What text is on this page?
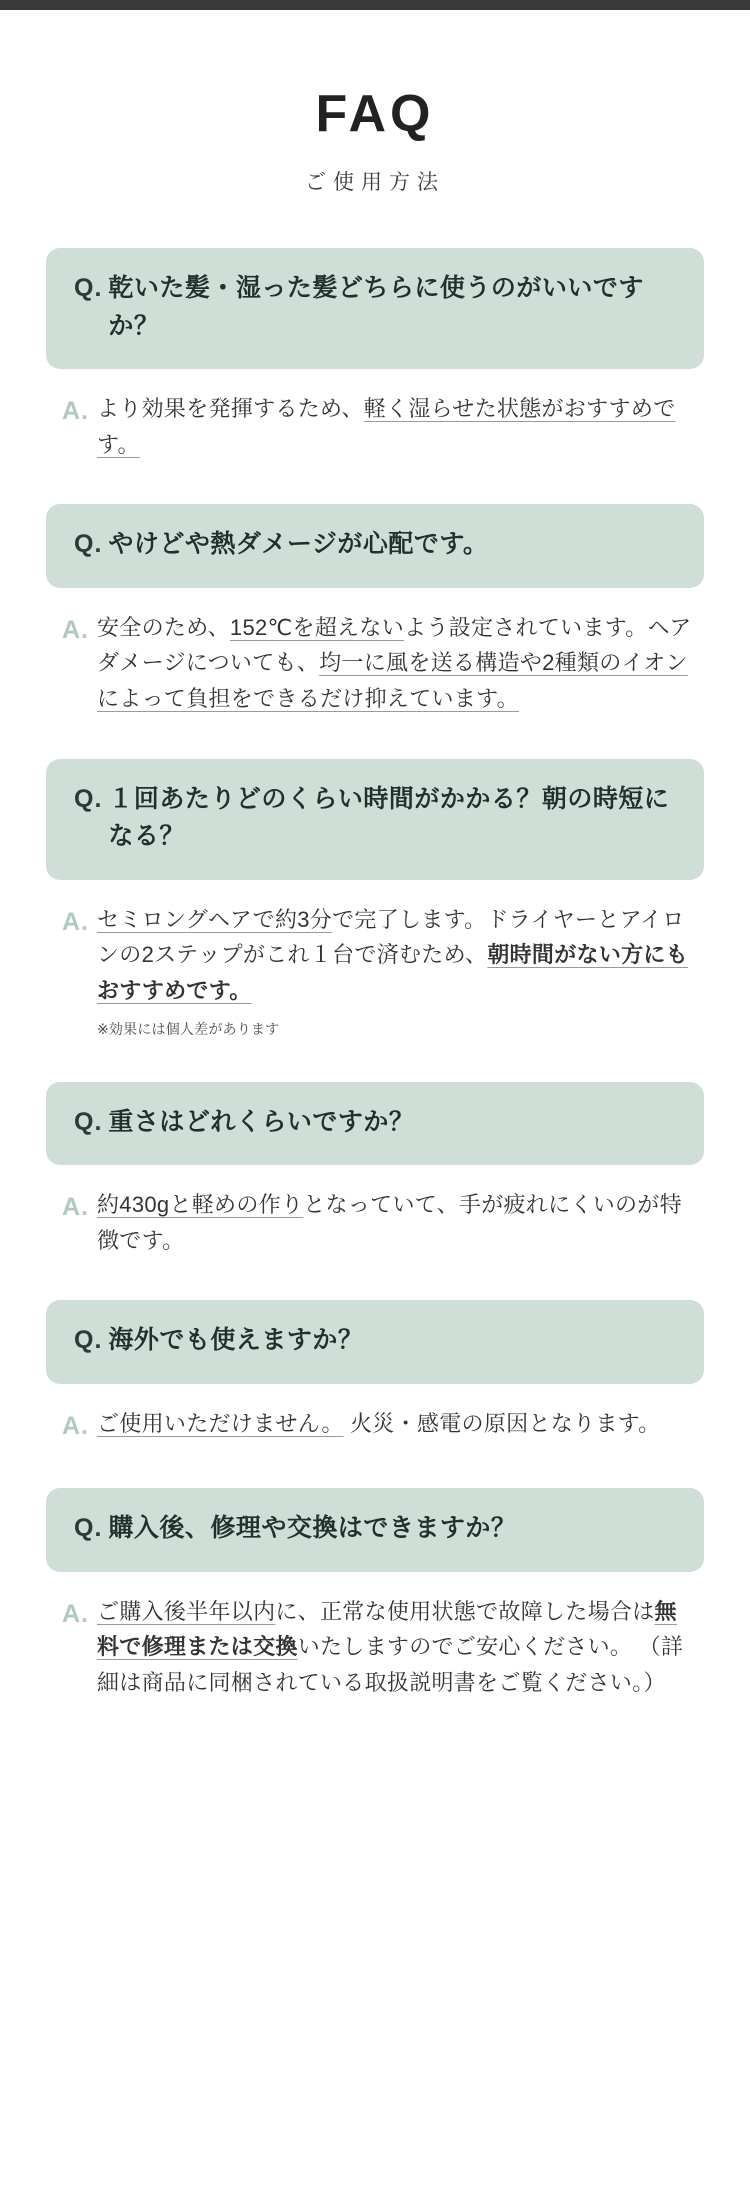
FAQ
ご使用方法
Q. 乾いた髪・湿った髪どちらに使うのがいいですか？
A. より効果を発揮するため、軽く湿らせた状態がおすすめです。
Q. やけどや熱ダメージが心配です。
A. 安全のため、152℃を超えないよう設定されています。ヘアダメージについても、均一に風を送る構造や2種類のイオンによって負担をできるだけ抑えています。
Q. １回あたりどのくらい時間がかかる？朝の時短になる？
A. セミロングヘアで約3分で完了します。ドライヤーとアイロンの2ステップがこれ１台で済むため、朝時間がない方にもおすすめです。
※効果には個人差があります
Q. 重さはどれくらいですか？
A. 約430gと軽めの作りとなっていて、手が疲れにくいのが特徴です。
Q. 海外でも使えますか？
A. ご使用いただけません。 火災・感電の原因となります。
Q. 購入後、修理や交換はできますか？
A. ご購入後半年以内に、正常な使用状態で故障した場合は無料で修理または交換いたしますのでご安心ください。 （詳細は商品に同梱されている取扱説明書をご覧ください。）
